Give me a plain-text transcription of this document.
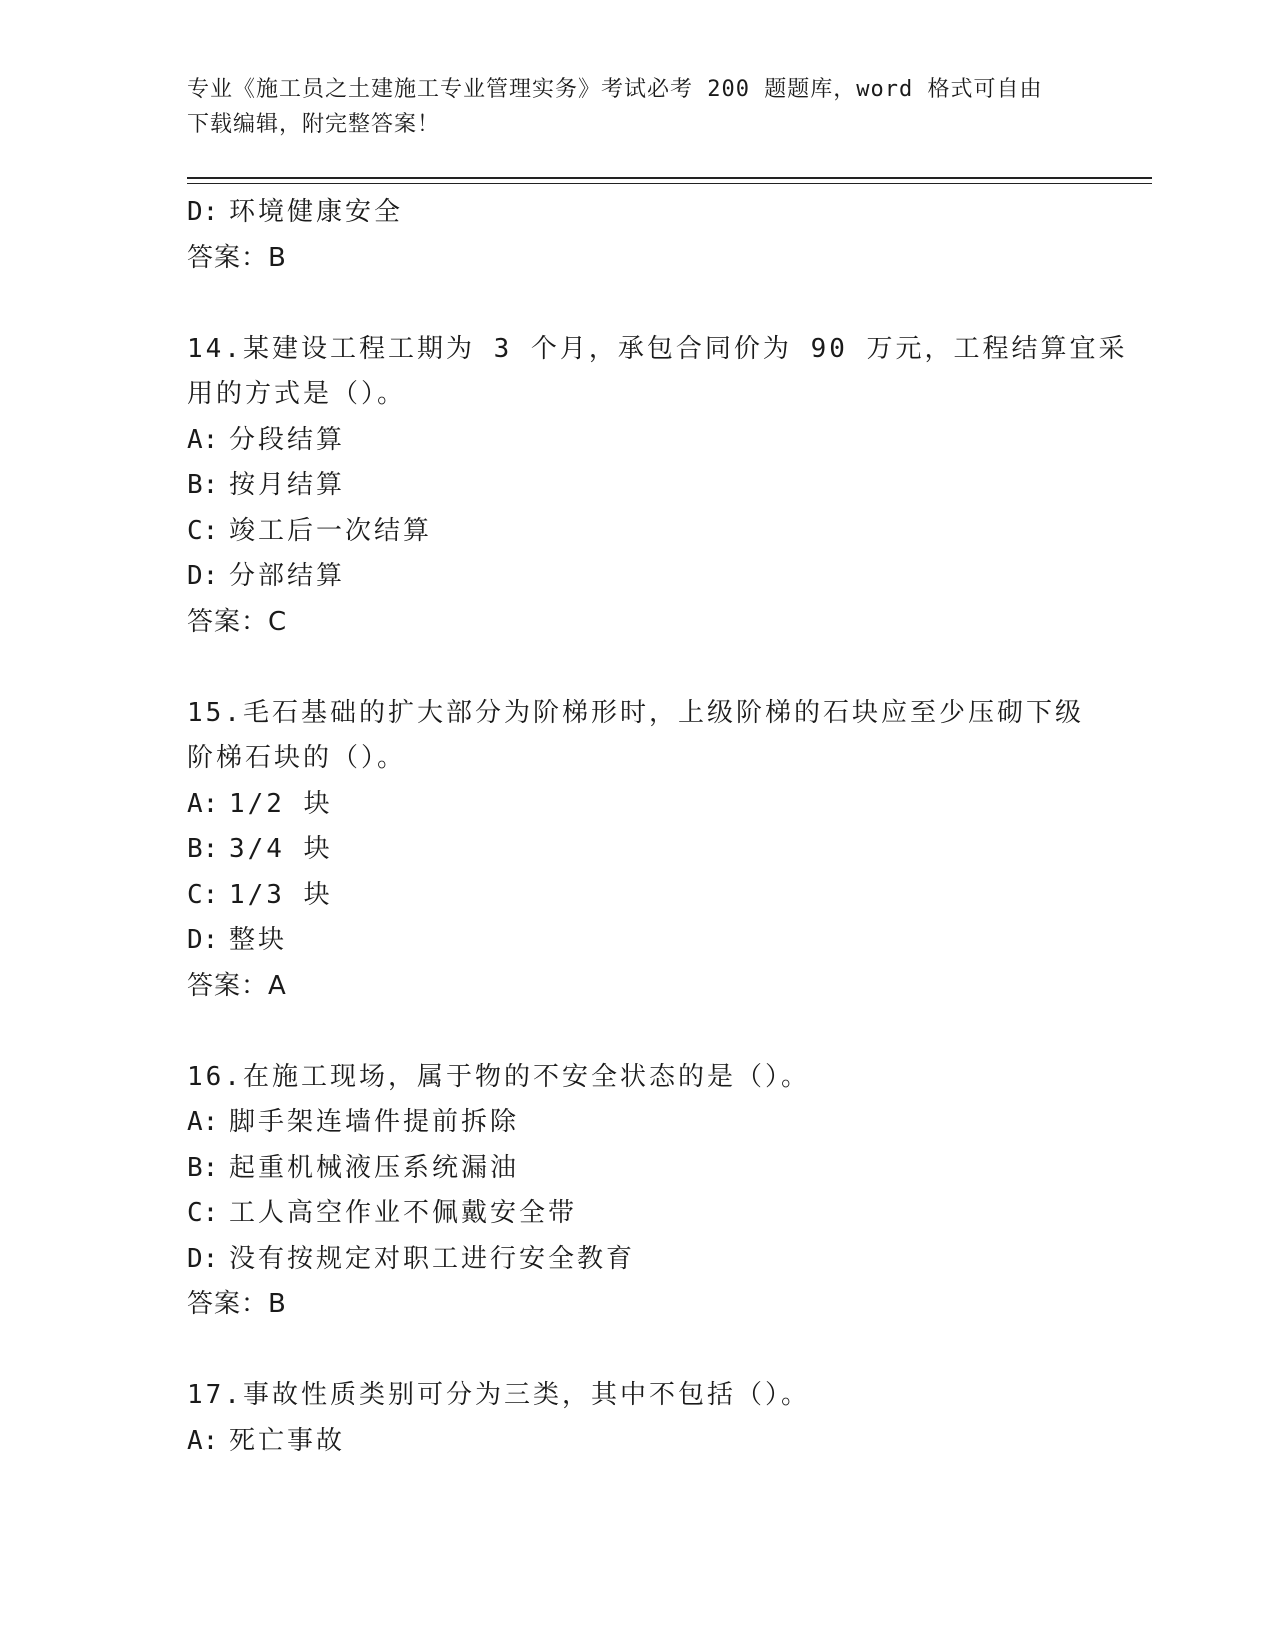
专业《施工员之土建施工专业管理实务》考试必考 200 题题库，word 格式可自由
下载编辑，附完整答案！
D: 环境健康安全
答案：B
14.某建设工程工期为 3 个月，承包合同价为 90 万元，工程结算宜采
用的方式是（）。
A: 分段结算
B: 按月结算
C: 竣工后一次结算
D: 分部结算
答案：C
15.毛石基础的扩大部分为阶梯形时，上级阶梯的石块应至少压砌下级
阶梯石块的（）。
A: 1/2 块
B: 3/4 块
C: 1/3 块
D: 整块
答案：A
16.在施工现场，属于物的不安全状态的是（）。
A: 脚手架连墙件提前拆除
B: 起重机械液压系统漏油
C: 工人高空作业不佩戴安全带
D: 没有按规定对职工进行安全教育
答案：B
17.事故性质类别可分为三类，其中不包括（）。
A: 死亡事故
